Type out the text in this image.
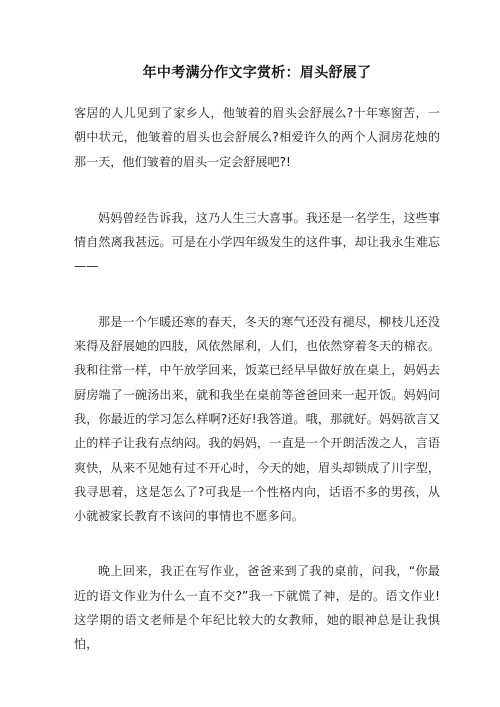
年中考满分作文字赏析：眉头舒展了

客居的人儿见到了家乡人，他皱着的眉头会舒展么?十年寒窗苦，一朝中状元，他皱着的眉头也会舒展么?相爱许久的两个人洞房花烛的那一天，他们皱着的眉头一定会舒展吧?!

妈妈曾经告诉我，这乃人生三大喜事。我还是一名学生，这些事情自然离我甚远。可是在小学四年级发生的这件事，却让我永生难忘——

那是一个乍暖还寒的春天，冬天的寒气还没有褪尽，柳枝儿还没来得及舒展她的四肢，风依然犀利，人们，也依然穿着冬天的棉衣。我和往常一样，中午放学回来，饭菜已经早早做好放在桌上，妈妈去厨房端了一碗汤出来，就和我坐在桌前等爸爸回来一起开饭。妈妈问我，你最近的学习怎么样啊?还好!我答道。哦，那就好。妈妈欲言又止的样子让我有点纳闷。我的妈妈，一直是一个开朗活泼之人，言语爽快，从来不见她有过不开心时，今天的她，眉头却锁成了川字型，我寻思着，这是怎么了?可我是一个性格内向，话语不多的男孩，从小就被家长教育不该问的事情也不愿多问。

晚上回来，我正在写作业，爸爸来到了我的桌前，问我，“你最近的语文作业为什么一直不交?”我一下就慌了神，是的。语文作业!这学期的语文老师是个年纪比较大的女教师，她的眼神总是让我惧怕，
